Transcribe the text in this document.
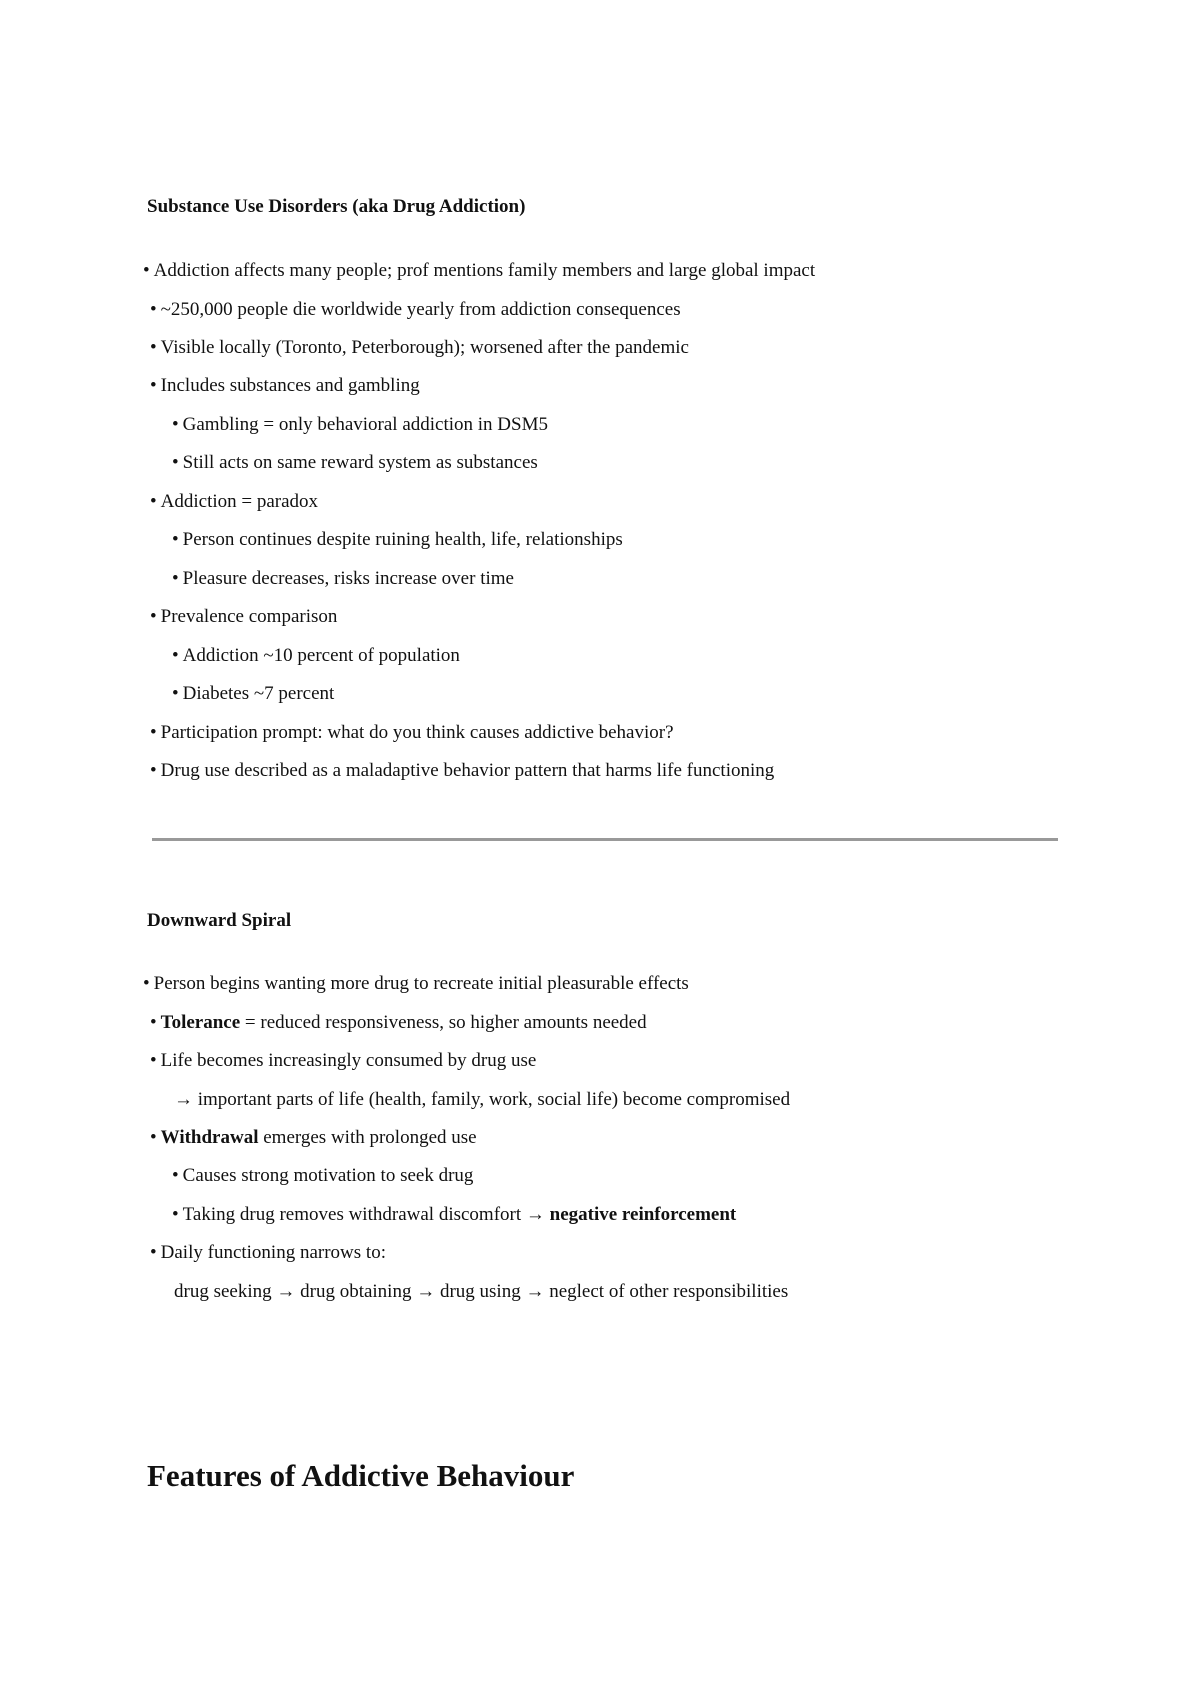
Substance Use Disorders (aka Drug Addiction)
• Addiction affects many people; prof mentions family members and large global impact
• ~250,000 people die worldwide yearly from addiction consequences
• Visible locally (Toronto, Peterborough); worsened after the pandemic
• Includes substances and gambling
• Gambling = only behavioral addiction in DSM5
• Still acts on same reward system as substances
• Addiction = paradox
• Person continues despite ruining health, life, relationships
• Pleasure decreases, risks increase over time
• Prevalence comparison
• Addiction ~10 percent of population
• Diabetes ~7 percent
• Participation prompt: what do you think causes addictive behavior?
• Drug use described as a maladaptive behavior pattern that harms life functioning
Downward Spiral
• Person begins wanting more drug to recreate initial pleasurable effects
• Tolerance = reduced responsiveness, so higher amounts needed
• Life becomes increasingly consumed by drug use
→ important parts of life (health, family, work, social life) become compromised
• Withdrawal emerges with prolonged use
• Causes strong motivation to seek drug
• Taking drug removes withdrawal discomfort → negative reinforcement
• Daily functioning narrows to:
drug seeking → drug obtaining → drug using → neglect of other responsibilities
Features of Addictive Behaviour
